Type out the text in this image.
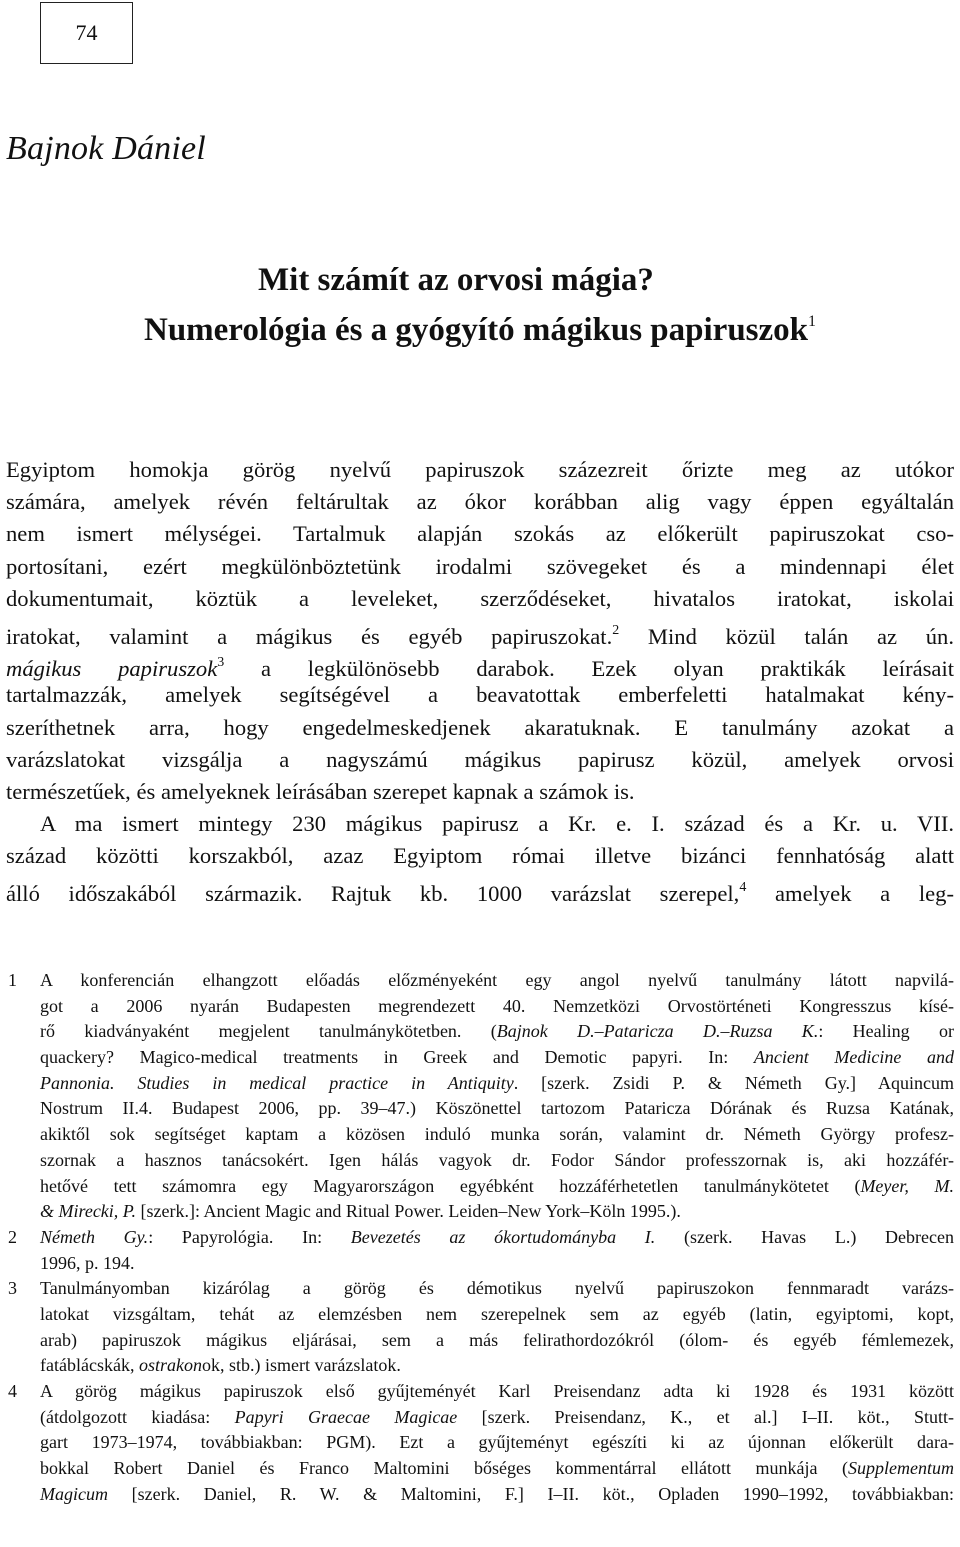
74
Bajnok Dániel
Mit számít az orvosi mágia?
Numerológia és a gyógyító mágikus papiruszok$^1$
Egyiptom homokja görög nyelvű papiruszok százezreit őrizte meg az utókor
számára, amelyek révén feltárultak az ókor korábban alig vagy éppen egyáltalán
nem ismert mélységei. Tartalmuk alapján szokás az előkerült papiruszokat cso-
portosítani, ezért megkülönböztetünk irodalmi szövegeket és a mindennapi élet
dokumentumait, köztük a leveleket, szerződéseket, hivatalos iratokat, iskolai
iratokat, valamint a mágikus és egyéb papiruszokat.$^2$ Mind közül talán az ún.
mágikus papiruszok$^3$ a legkülönösebb darabok. Ezek olyan praktikák leírásait
tartalmazzák, amelyek segítségével a beavatottak emberfeletti hatalmakat kény-
szeríthetnek arra, hogy engedelmeskedjenek akaratuknak. E tanulmány azokat a
varázslatokat vizsgálja a nagyszámú mágikus papirusz közül, amelyek orvosi
természetűek, és amelyeknek leírásában szerepet kapnak a számok is.
A ma ismert mintegy 230 mágikus papirusz a Kr. e. I. század és a Kr. u. VII.
század közötti korszakból, azaz Egyiptom római illetve bizánci fennhatóság alatt
álló időszakából származik. Rajtuk kb. 1000 varázslat szerepel,$^4$ amelyek a leg-
1	A konferencián elhangzott előadás előzményeként egy angol nyelvű tanulmány látott napvilá-
got a 2006 nyarán Budapesten megrendezett 40. Nemzetközi Orvostörténeti Kongresszus kísé-
rő kiadványaként megjelent tanulmánykötetben. (Bajnok D.–Pataricza D.–Ruzsa K.: Healing or
quackery? Magico-medical treatments in Greek and Demotic papyri. In: Ancient Medicine and
Pannonia. Studies in medical practice in Antiquity. [szerk. Zsidi P. & Németh Gy.] Aquincum
Nostrum II.4. Budapest 2006, pp. 39–47.) Köszönettel tartozom Pataricza Dórának és Ruzsa Katának,
akiktől sok segítséget kaptam a közösen induló munka során, valamint dr. Németh György profesz-
szornak a hasznos tanácsokért. Igen hálás vagyok dr. Fodor Sándor professzornak is, aki hozzáfér-
hetővé tett számomra egy Magyarországon egyébként hozzáférhetetlen tanulmánykötetet (Meyer, M.
& Mirecki, P. [szerk.]: Ancient Magic and Ritual Power. Leiden–New York–Köln 1995.).
2	Németh Gy.: Papyrológia. In: Bevezetés az ókortudományba I. (szerk. Havas L.) Debrecen
1996, p. 194.
3	Tanulmányomban kizárólag a görög és démotikus nyelvű papiruszokon fennmaradt varázs-
latokat vizsgáltam, tehát az elemzésben nem szerepelnek sem az egyéb (latin, egyiptomi, kopt,
arab) papiruszok mágikus eljárásai, sem a más felirathordozókról (ólom- és egyéb fémlemezek,
fatáblácskák, ostrakonok, stb.) ismert varázslatok.
4	A görög mágikus papiruszok első gyűjteményét Karl Preisendanz adta ki 1928 és 1931 között
(átdolgozott kiadása: Papyri Graecae Magicae [szerk. Preisendanz, K., et al.] I–II. köt., Stutt-
gart 1973–1974, továbbiakban: PGM). Ezt a gyűjteményt egészíti ki az újonnan előkerült dara-
bokkal Robert Daniel és Franco Maltomini bőséges kommentárral ellátott munkája (Supplementum
Magicum [szerk. Daniel, R. W. & Maltomini, F.] I–II. köt., Opladen 1990–1992, továbbiakban:
